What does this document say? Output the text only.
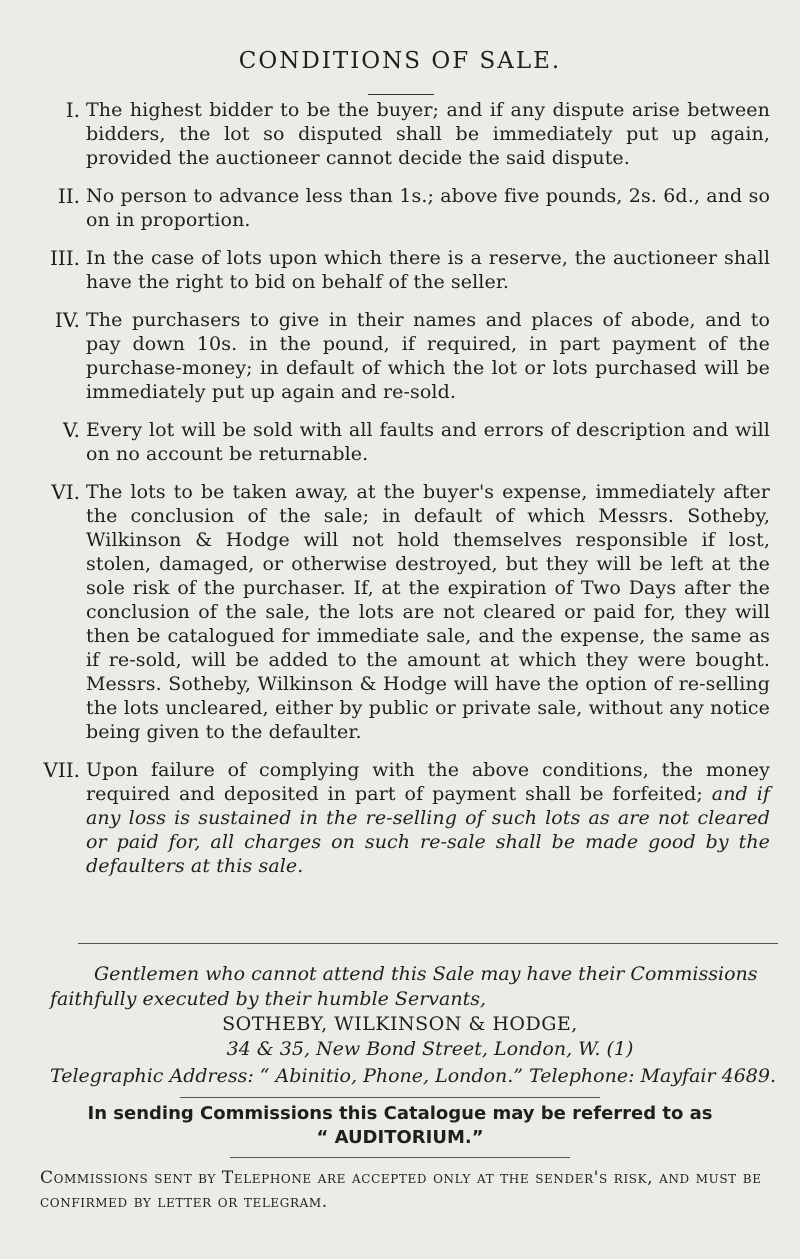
CONDITIONS OF SALE.
I. The highest bidder to be the buyer; and if any dispute arise between bidders, the lot so disputed shall be immediately put up again, provided the auctioneer cannot decide the said dispute.
II. No person to advance less than 1s.; above five pounds, 2s. 6d., and so on in proportion.
III. In the case of lots upon which there is a reserve, the auctioneer shall have the right to bid on behalf of the seller.
IV. The purchasers to give in their names and places of abode, and to pay down 10s. in the pound, if required, in part payment of the purchase-money; in default of which the lot or lots purchased will be immediately put up again and re-sold.
V. Every lot will be sold with all faults and errors of description and will on no account be returnable.
VI. The lots to be taken away, at the buyer's expense, immediately after the conclusion of the sale; in default of which Messrs. Sotheby, Wilkinson & Hodge will not hold themselves responsible if lost, stolen, damaged, or otherwise destroyed, but they will be left at the sole risk of the purchaser. If, at the expiration of Two Days after the conclusion of the sale, the lots are not cleared or paid for, they will then be catalogued for immediate sale, and the expense, the same as if re-sold, will be added to the amount at which they were bought. Messrs. Sotheby, Wilkinson & Hodge will have the option of re-selling the lots uncleared, either by public or private sale, without any notice being given to the defaulter.
VII. Upon failure of complying with the above conditions, the money required and deposited in part of payment shall be forfeited; and if any loss is sustained in the re-selling of such lots as are not cleared or paid for, all charges on such re-sale shall be made good by the defaulters at this sale.

Gentlemen who cannot attend this Sale may have their Commissions faithfully executed by their humble Servants,

SOTHEBY, WILKINSON & HODGE,
34 & 35, New Bond Street, London, W. (1)
Telegraphic Address: “ Abinitio, Phone, London.” Telephone: Mayfair 4689.
In sending Commissions this Catalogue may be referred to as
“ AUDITORIUM.”
Commissions sent by Telephone are accepted only at the sender's risk, and must be confirmed by letter or telegram.
